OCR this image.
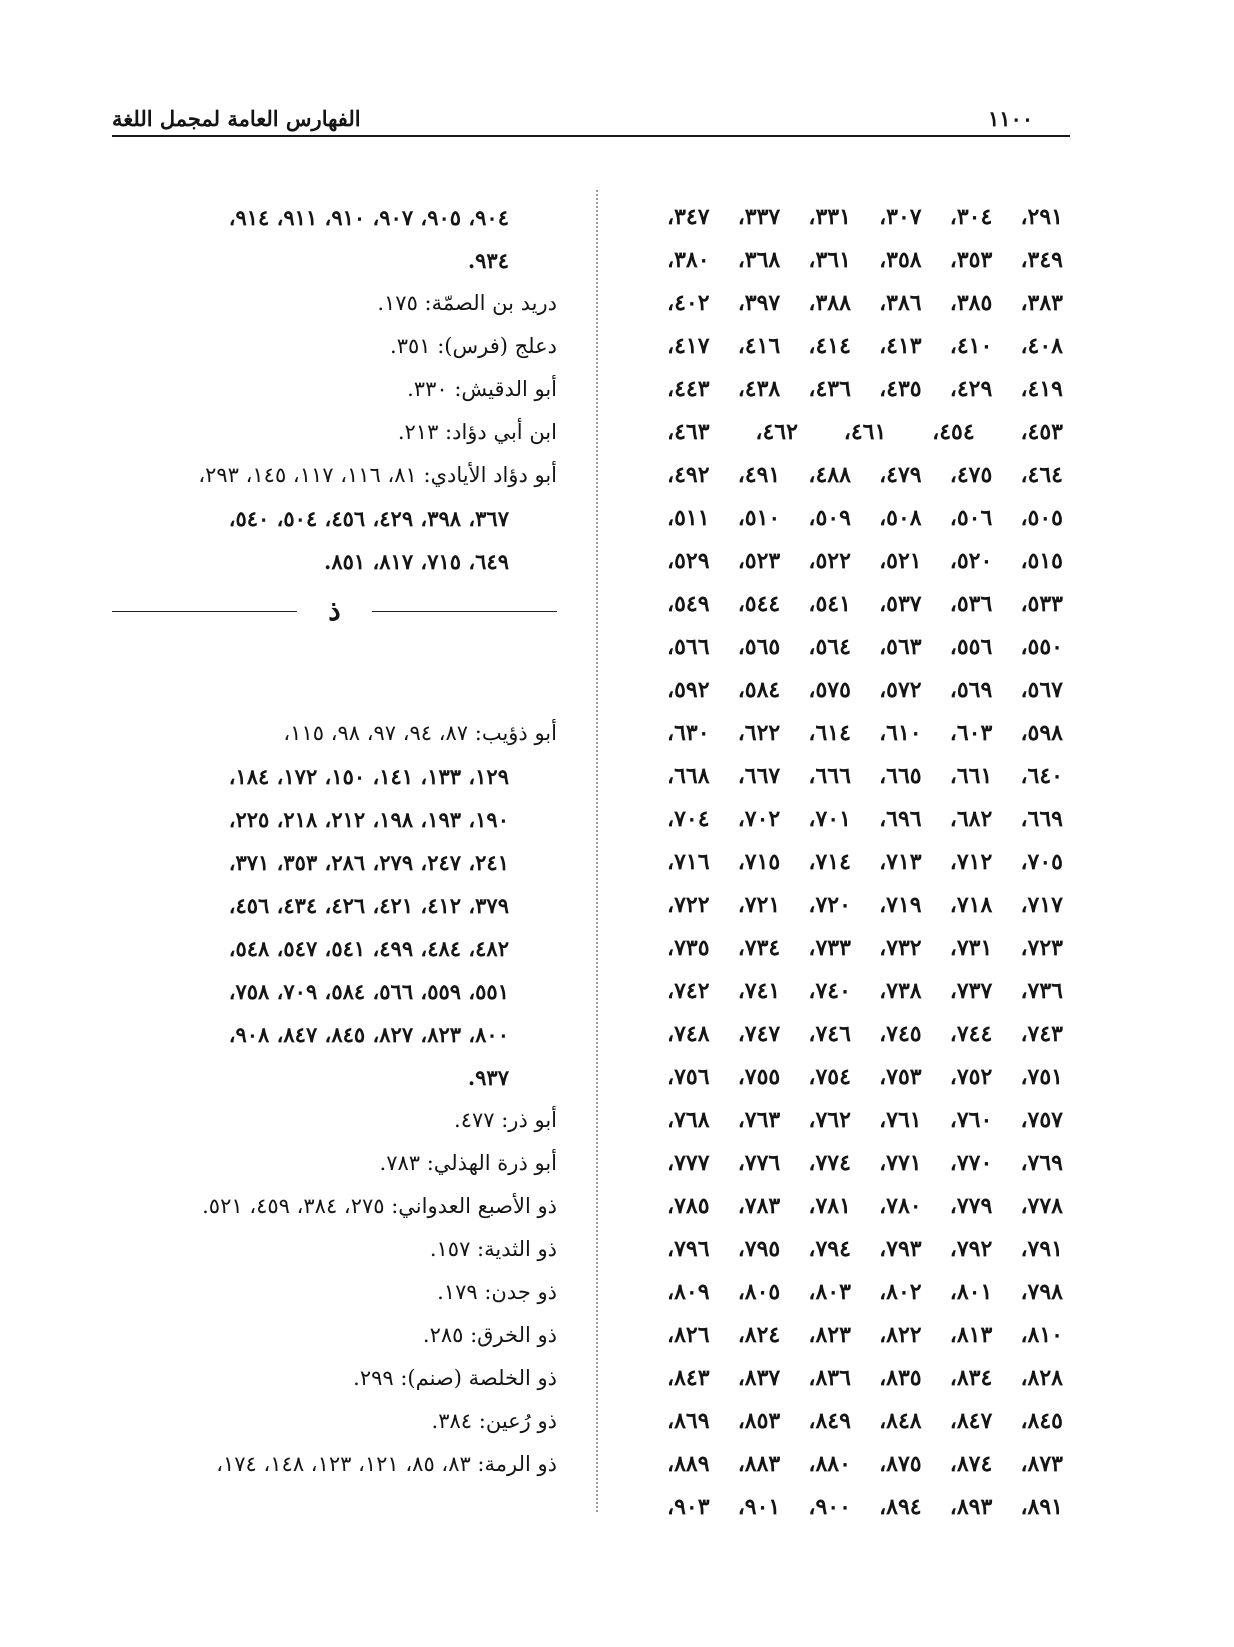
الفهارس العامة لمجمل اللغة	١١٠٠
٢٩١، ٣٠٤، ٣٠٧، ٣٣١، ٣٣٧، ٣٤٧،
٣٤٩، ٣٥٣، ٣٥٨، ٣٦١، ٣٦٨، ٣٨٠،
٣٨٣، ٣٨٥، ٣٨٦، ٣٨٨، ٣٩٧، ٤٠٢،
٤٠٨، ٤١٠، ٤١٣، ٤١٤، ٤١٦، ٤١٧،
٤١٩، ٤٢٩، ٤٣٥، ٤٣٦، ٤٣٨، ٤٤٣،
٤٥٣، ٤٥٤، ٤٦١، ٤٦٢، ٤٦٣،
٤٦٤، ٤٧٥، ٤٧٩، ٤٨٨، ٤٩١، ٤٩٢،
٥٠٥، ٥٠٦، ٥٠٨، ٥٠٩، ٥١٠، ٥١١،
٥١٥، ٥٢٠، ٥٢١، ٥٢٢، ٥٢٣، ٥٢٩،
٥٣٣، ٥٣٦، ٥٣٧، ٥٤١، ٥٤٤، ٥٤٩،
٥٥٠، ٥٥٦، ٥٦٣، ٥٦٤، ٥٦٥، ٥٦٦،
٥٦٧، ٥٦٩، ٥٧٢، ٥٧٥، ٥٨٤، ٥٩٢،
٥٩٨، ٦٠٣، ٦١٠، ٦١٤، ٦٢٢، ٦٣٠،
٦٤٠، ٦٦١، ٦٦٥، ٦٦٦، ٦٦٧، ٦٦٨،
٦٦٩، ٦٨٢، ٦٩٦، ٧٠١، ٧٠٢، ٧٠٤،
٧٠٥، ٧١٢، ٧١٣، ٧١٤، ٧١٥، ٧١٦،
٧١٧، ٧١٨، ٧١٩، ٧٢٠، ٧٢١، ٧٢٢،
٧٢٣، ٧٣١، ٧٣٢، ٧٣٣، ٧٣٤، ٧٣٥،
٧٣٦، ٧٣٧، ٧٣٨، ٧٤٠، ٧٤١، ٧٤٢،
٧٤٣، ٧٤٤، ٧٤٥، ٧٤٦، ٧٤٧، ٧٤٨،
٧٥١، ٧٥٢، ٧٥٣، ٧٥٤، ٧٥٥، ٧٥٦،
٧٥٧، ٧٦٠، ٧٦١، ٧٦٢، ٧٦٣، ٧٦٨،
٧٦٩، ٧٧٠، ٧٧١، ٧٧٤، ٧٧٦، ٧٧٧،
٧٧٨، ٧٧٩، ٧٨٠، ٧٨١، ٧٨٣، ٧٨٥،
٧٩١، ٧٩٢، ٧٩٣، ٧٩٤، ٧٩٥، ٧٩٦،
٧٩٨، ٨٠١، ٨٠٢، ٨٠٣، ٨٠٥، ٨٠٩،
٨١٠، ٨١٣، ٨٢٢، ٨٢٣، ٨٢٤، ٨٢٦،
٨٢٨، ٨٣٤، ٨٣٥، ٨٣٦، ٨٣٧، ٨٤٣،
٨٤٥، ٨٤٧، ٨٤٨، ٨٤٩، ٨٥٣، ٨٦٩،
٨٧٣، ٨٧٤، ٨٧٥، ٨٨٠، ٨٨٣، ٨٨٩،
٨٩١، ٨٩٣، ٨٩٤، ٩٠٠، ٩٠١، ٩٠٣،
٩٠٤، ٩٠٥، ٩٠٧، ٩١٠، ٩١١، ٩١٤،
٩٣٤.
دريد بن الصمّة: ١٧٥.
دعلج (فرس): ٣٥١.
أبو الدقيش: ٣٣٠.
ابن أبي دؤاد: ٢١٣.
أبو دؤاد الأيادي: ٨١، ١١٦، ١١٧، ١٤٥، ٢٩٣،
٣٦٧، ٣٩٨، ٤٢٩، ٤٥٦، ٥٠٤، ٥٤٠،
٦٤٩، ٧١٥، ٨١٧، ٨٥١.
ذ
أبو ذؤيب: ٨٧، ٩٤، ٩٧، ٩٨، ١١٥،
١٢٩، ١٣٣، ١٤١، ١٥٠، ١٧٢، ١٨٤،
١٩٠، ١٩٣، ١٩٨، ٢١٢، ٢١٨، ٢٢٥،
٢٤١، ٢٤٧، ٢٧٩، ٢٨٦، ٣٥٣، ٣٧١،
٣٧٩، ٤١٢، ٤٢١، ٤٢٦، ٤٣٤، ٤٥٦،
٤٨٢، ٤٨٤، ٤٩٩، ٥٤١، ٥٤٧، ٥٤٨،
٥٥١، ٥٥٩، ٥٦٦، ٥٨٤، ٧٠٩، ٧٥٨،
٨٠٠، ٨٢٣، ٨٢٧، ٨٤٥، ٨٤٧، ٩٠٨،
٩٣٧.
أبو ذر: ٤٧٧.
أبو ذرة الهذلي: ٧٨٣.
ذو الأصبع العدواني: ٢٧٥، ٣٨٤، ٤٥٩، ٥٢١.
ذو الثدية: ١٥٧.
ذو جدن: ١٧٩.
ذو الخرق: ٢٨٥.
ذو الخلصة (صنم): ٢٩٩.
ذو رُعين: ٣٨٤.
ذو الرمة: ٨٣، ٨٥، ١٢١، ١٢٣، ١٤٨، ١٧٤،
